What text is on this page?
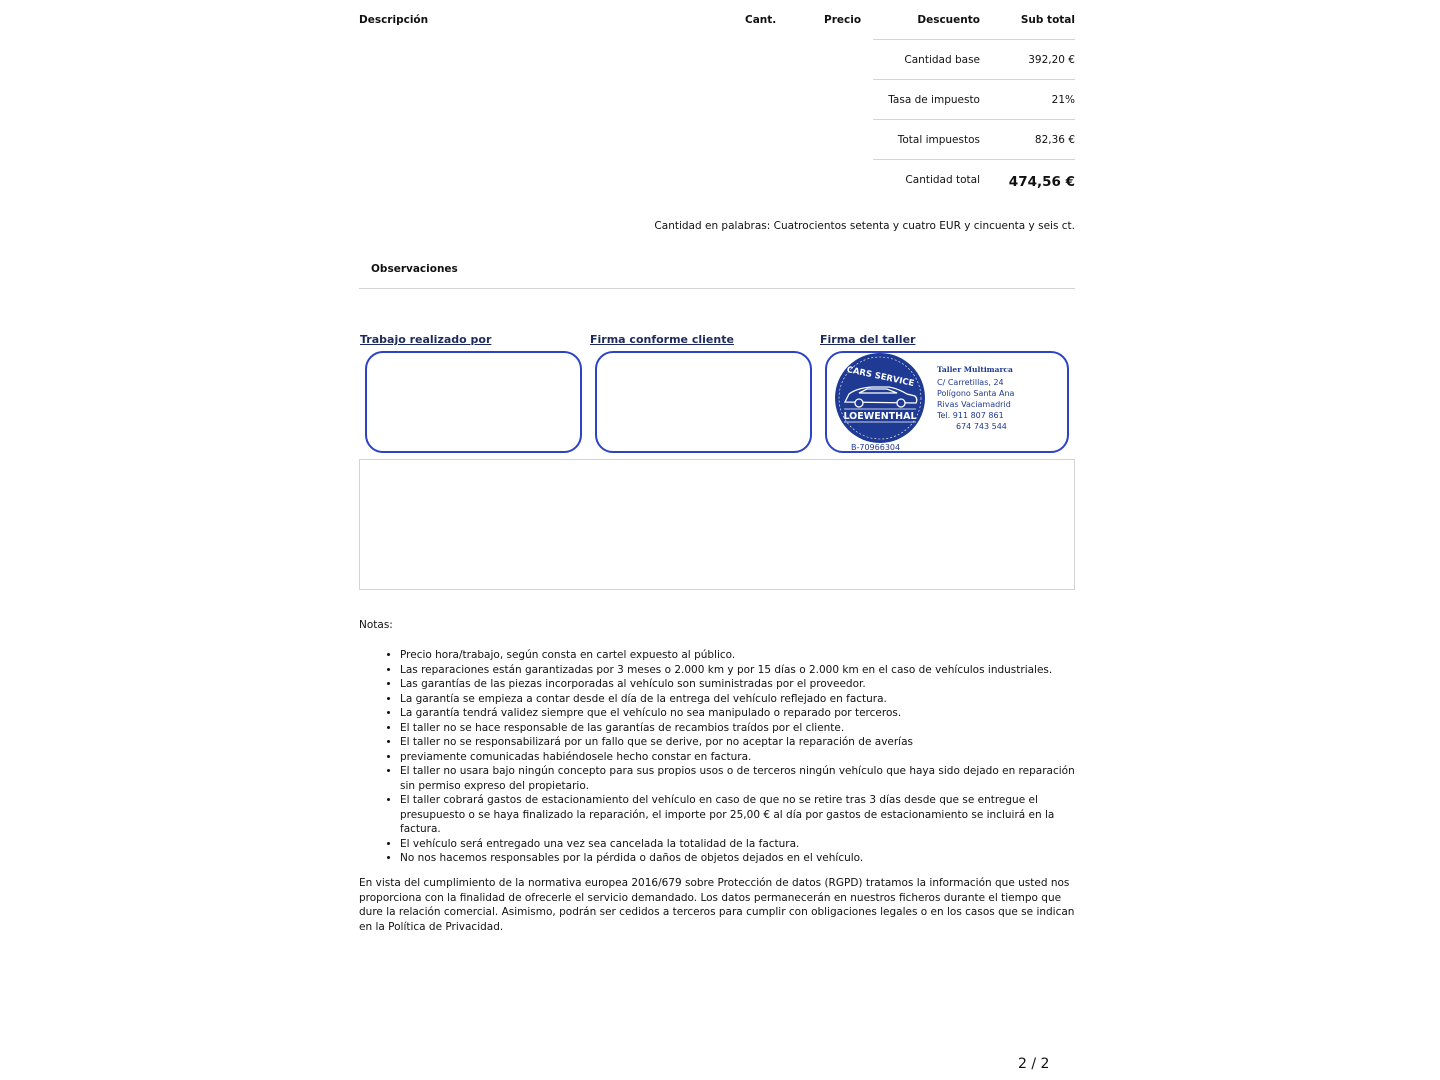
Descripción	Cant.	Precio	Descuento	Sub total
Cantidad base	392,20 €
Tasa de impuesto	21%
Total impuestos	82,36 €
Cantidad total 474,56 €
Cantidad en palabras: Cuatrocientos setenta y cuatro EUR y cincuenta y seis ct.
Observaciones
Trabajo realizado por	Firma conforme cliente	Firma del taller
CARS SERVICE
LOEWENTHAL
Taller Multimarca
C/ Carretillas, 24
Polígono Santa Ana
Rivas Vaciamadrid
Tel. 911 807 861
674 743 544
B-70966304
Notas:
• Precio hora/trabajo, según consta en cartel expuesto al público.
• Las reparaciones están garantizadas por 3 meses o 2.000 km y por 15 días o 2.000 km en el caso de vehículos industriales.
• Las garantías de las piezas incorporadas al vehículo son suministradas por el proveedor.
• La garantía se empieza a contar desde el día de la entrega del vehículo reflejado en factura.
• La garantía tendrá validez siempre que el vehículo no sea manipulado o reparado por terceros.
• El taller no se hace responsable de las garantías de recambios traídos por el cliente.
• El taller no se responsabilizará por un fallo que se derive, por no aceptar la reparación de averías
• previamente comunicadas habiéndosele hecho constar en factura.
• El taller no usara bajo ningún concepto para sus propios usos o de terceros ningún vehículo que haya sido dejado en reparación sin permiso expreso del propietario.
• El taller cobrará gastos de estacionamiento del vehículo en caso de que no se retire tras 3 días desde que se entregue el presupuesto o se haya finalizado la reparación, el importe por 25,00 € al día por gastos de estacionamiento se incluirá en la factura.
• El vehículo será entregado una vez sea cancelada la totalidad de la factura.
• No nos hacemos responsables por la pérdida o daños de objetos dejados en el vehículo.
En vista del cumplimiento de la normativa europea 2016/679 sobre Protección de datos (RGPD) tratamos la información que usted nos proporciona con la finalidad de ofrecerle el servicio demandado. Los datos permanecerán en nuestros ficheros durante el tiempo que dure la relación comercial. Asimismo, podrán ser cedidos a terceros para cumplir con obligaciones legales o en los casos que se indican en la Política de Privacidad.
2 / 2
